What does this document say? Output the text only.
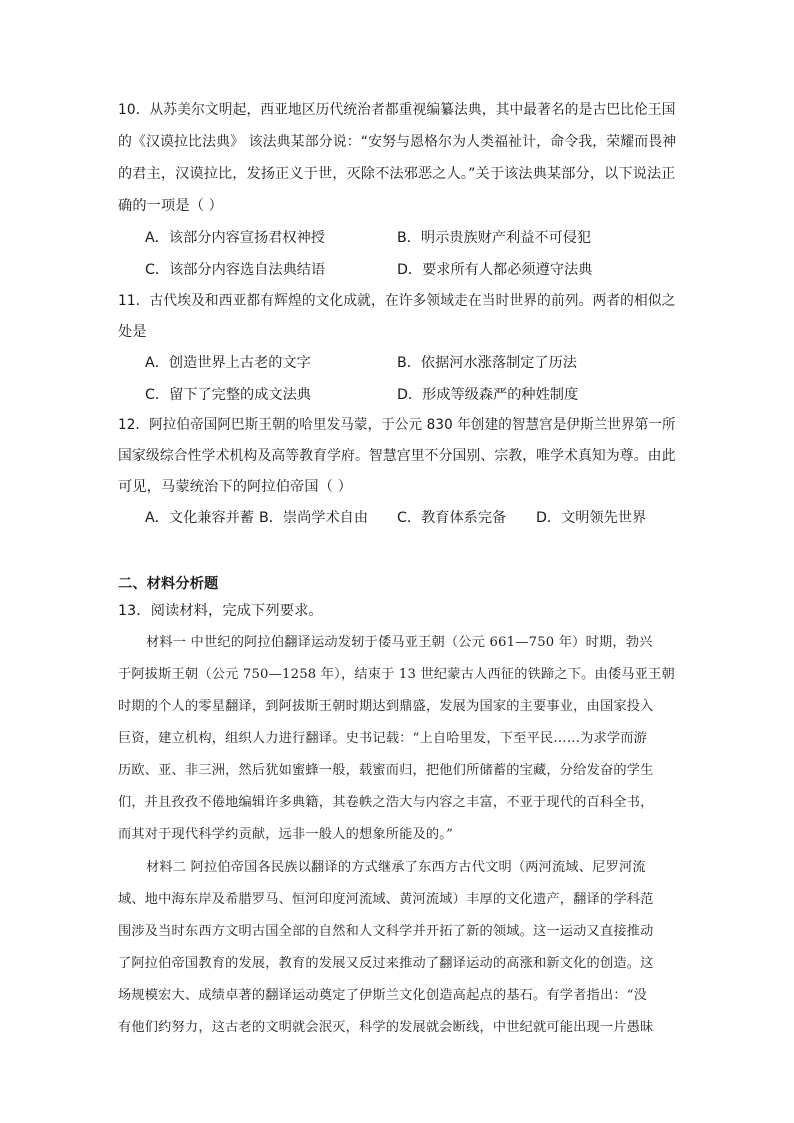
10．从苏美尔文明起，西亚地区历代统治者都重视编纂法典，其中最著名的是古巴比伦王国
的《汉谟拉比法典》 该法典某部分说：“安努与恩格尔为人类福祉计，命令我，荣耀而畏神
的君主，汉谟拉比，发扬正义于世，灭除不法邪恶之人。”关于该法典某部分，以下说法正
确的一项是（ ）
A．该部分内容宣扬君权神授	B．明示贵族财产利益不可侵犯
C．该部分内容选自法典结语	D．要求所有人都必须遵守法典
11．古代埃及和西亚都有辉煌的文化成就，在许多领域走在当时世界的前列。两者的相似之
处是
A．创造世界上古老的文字	B．依据河水涨落制定了历法
C．留下了完整的成文法典	D．形成等级森严的种姓制度
12．阿拉伯帝国阿巴斯王朝的哈里发马蒙，于公元 830 年创建的智慧宫是伊斯兰世界第一所
国家级综合性学术机构及高等教育学府。智慧宫里不分国别、宗教，唯学术真知为尊。由此
可见，马蒙统治下的阿拉伯帝国（ ）
A．文化兼容并蓄 B．崇尚学术自由 C．教育体系完备 D．文明领先世界
二、材料分析题
13．阅读材料，完成下列要求。
材料一 中世纪的阿拉伯翻译运动发轫于倭马亚王朝（公元 661—750 年）时期，勃兴
于阿拔斯王朝（公元 750—1258 年），结束于 13 世纪蒙古人西征的铁蹄之下。由倭马亚王朝
时期的个人的零星翻译，到阿拔斯王朝时期达到鼎盛，发展为国家的主要事业，由国家投入
巨资，建立机构，组织人力进行翻译。史书记载：“上自哈里发，下至平民……为求学而游
历欧、亚、非三洲，然后犹如蜜蜂一般，载蜜而归，把他们所储蓄的宝藏，分给发奋的学生
们，并且孜孜不倦地编辑许多典籍，其卷帙之浩大与内容之丰富，不亚于现代的百科全书，
而其对于现代科学约贡献，远非一般人的想象所能及的。”
材料二 阿拉伯帝国各民族以翻译的方式继承了东西方古代文明（两河流域、尼罗河流
域、地中海东岸及希腊罗马、恒河印度河流域、黄河流域）丰厚的文化遗产，翻译的学科范
围涉及当时东西方文明古国全部的自然和人文科学并开拓了新的领域。这一运动又直接推动
了阿拉伯帝国教育的发展，教育的发展又反过来推动了翻译运动的高涨和新文化的创造。这
场规模宏大、成绩卓著的翻译运动奠定了伊斯兰文化创造高起点的基石。有学者指出：“没
有他们约努力，这古老的文明就会泯灭，科学的发展就会断线，中世纪就可能出现一片愚昧
